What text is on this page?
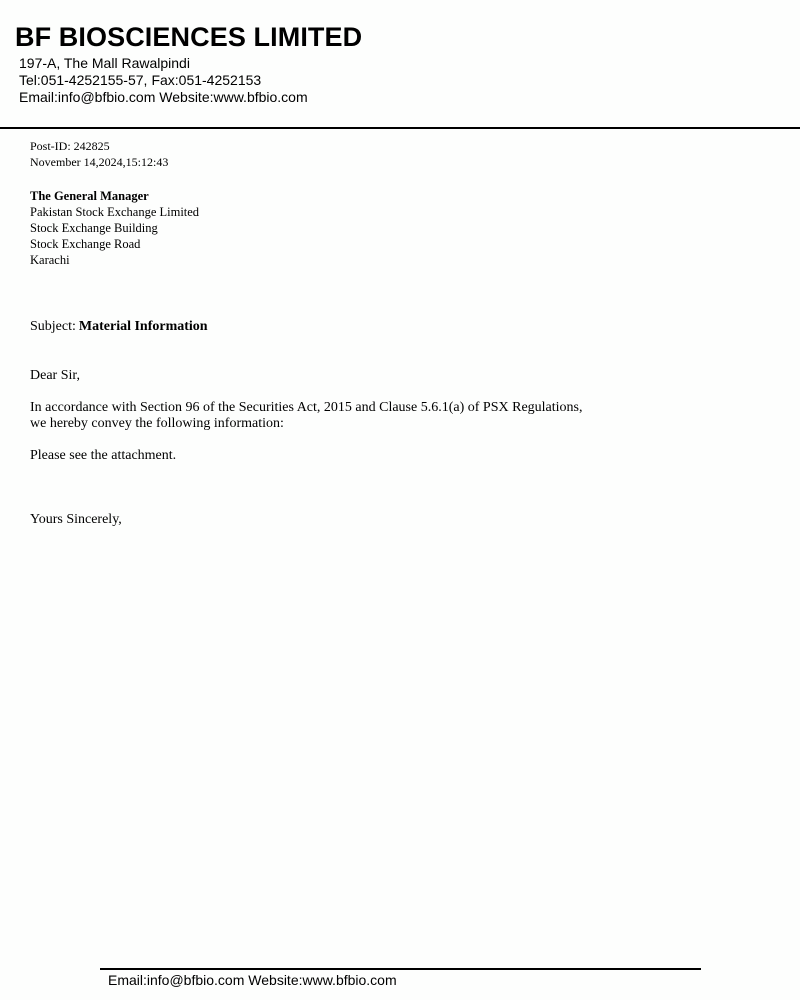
BF BIOSCIENCES LIMITED
197-A, The Mall Rawalpindi
Tel:051-4252155-57, Fax:051-4252153
Email:info@bfbio.com Website:www.bfbio.com
Post-ID: 242825
November 14,2024,15:12:43
The General Manager
Pakistan Stock Exchange Limited
Stock Exchange Building
Stock Exchange Road
Karachi
Subject: Material Information
Dear Sir,
In accordance with Section 96 of the Securities Act, 2015 and Clause 5.6.1(a) of PSX Regulations,
we hereby convey the following information:
Please see the attachment.
Yours Sincerely,
Email:info@bfbio.com Website:www.bfbio.com
